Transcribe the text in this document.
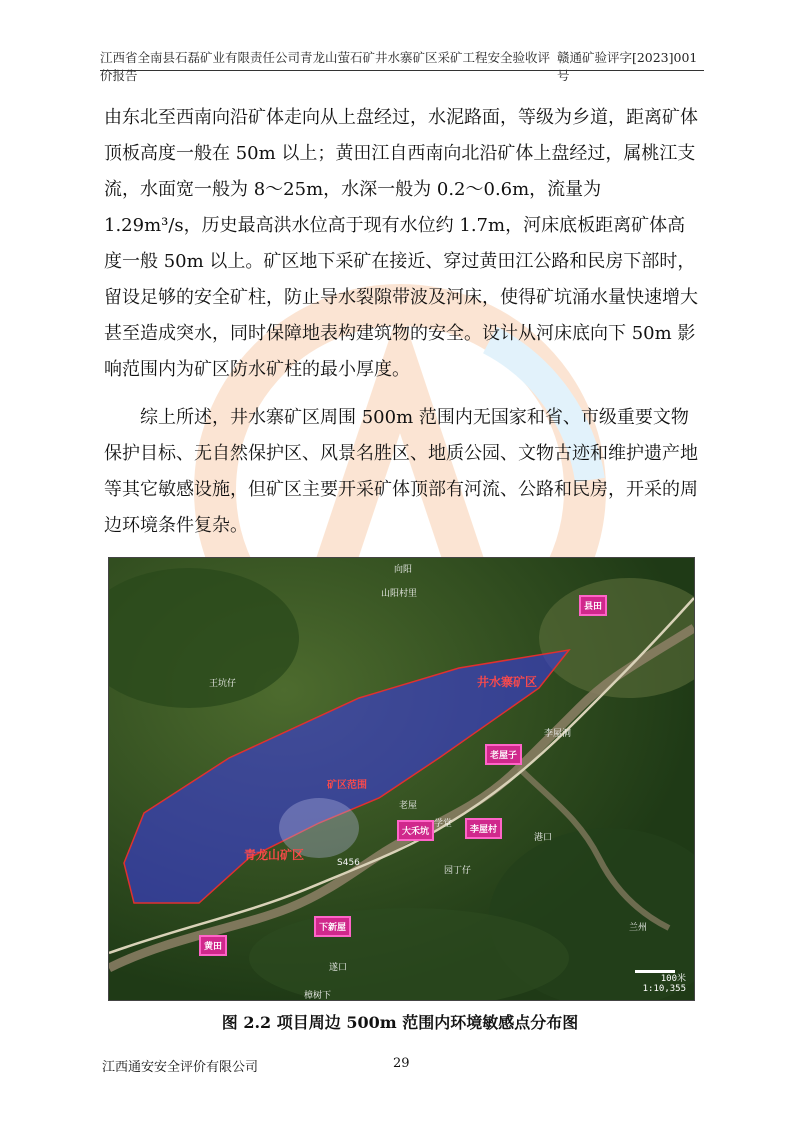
江西省全南县石磊矿业有限责任公司青龙山萤石矿井水寨矿区采矿工程安全验收评价报告
赣通矿验评字[2023]001 号

由东北至西南向沿矿体走向从上盘经过，水泥路面，等级为乡道，距离矿体顶板高度一般在 50m 以上；黄田江自西南向北沿矿体上盘经过，属桃江支流，水面宽一般为 8～25m，水深一般为 0.2～0.6m，流量为 1.29m³/s，历史最高洪水位高于现有水位约 1.7m，河床底板距离矿体高度一般 50m 以上。矿区地下采矿在接近、穿过黄田江公路和民房下部时，留设足够的安全矿柱，防止导水裂隙带波及河床，使得矿坑涌水量快速增大甚至造成突水，同时保障地表构建筑物的安全。设计从河床底向下 50m 影响范围内为矿区防水矿柱的最小厚度。

综上所述，井水寨矿区周围 500m 范围内无国家和省、市级重要文物保护目标、无自然保护区、风景名胜区、地质公园、文物古迹和维护遗产地等其它敏感设施，但矿区主要开采矿体顶部有河流、公路和民房，开采的周边环境条件复杂。

向阳
山阳村里
王坑仔
李屋洞
老屋
学堂
园丁仔
港口
兰州
遂口
樟树下
S456
井水寨矿区
矿区范围
青龙山矿区
县田
老屋子
大禾坑	李屋村
黄田
下新屋
100米
1:10,355
图 2.2 项目周边 500m 范围内环境敏感点分布图
江西通安安全评价有限公司	29
